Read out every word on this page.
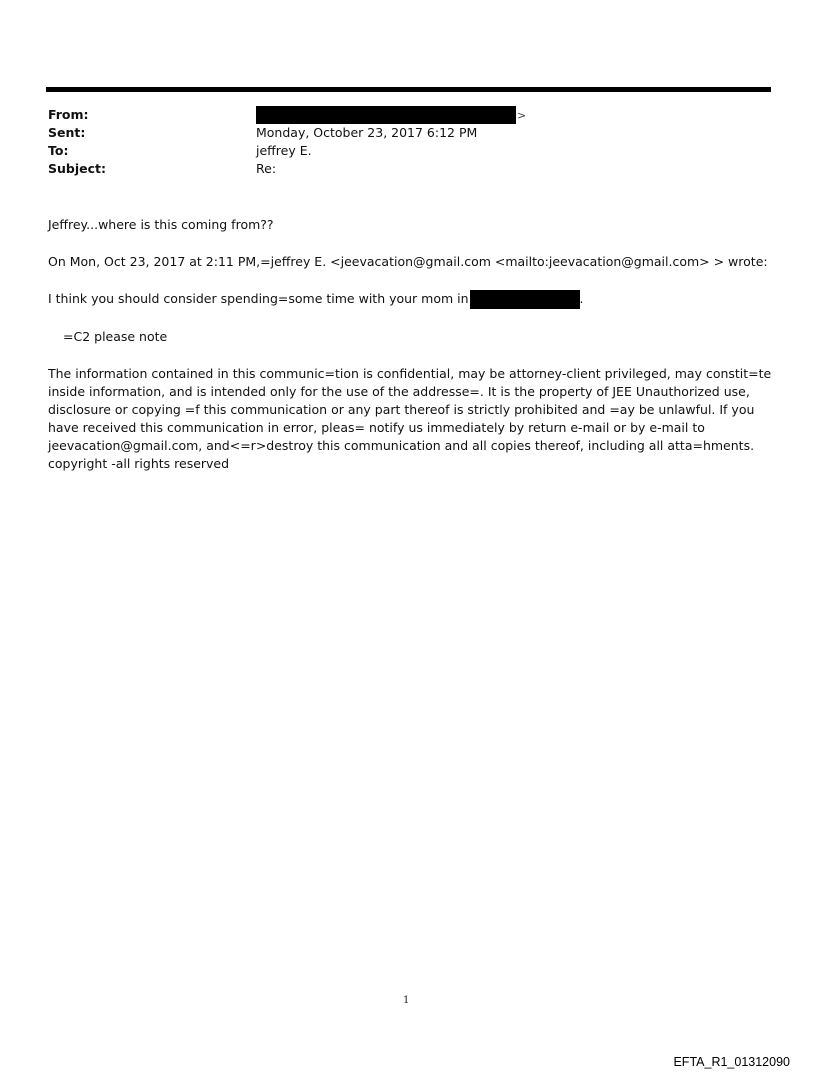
From:	>
Sent:	Monday, October 23, 2017 6:12 PM
To:	jeffrey E.
Subject:	Re:

Jeffrey...where is this coming from??

On Mon, Oct 23, 2017 at 2:11 PM,=jeffrey E. <jeevacation@gmail.com <mailto:jeevacation@gmail.com> > wrote:

I think you should consider spending=some time with your mom in	.

=C2 please note

The information contained in this communic=tion is confidential, may be attorney-client privileged, may constit=te inside information, and is intended only for the use of the addresse=. It is the property of JEE Unauthorized use, disclosure or copying =f this communication or any part thereof is strictly prohibited and =ay be unlawful. If you have received this communication in error, pleas= notify us immediately by return e-mail or by e-mail to jeevacation@gmail.com, and<=r>destroy this communication and all copies thereof, including all atta=hments. copyright -all rights reserved

1
EFTA_R1_01312090
